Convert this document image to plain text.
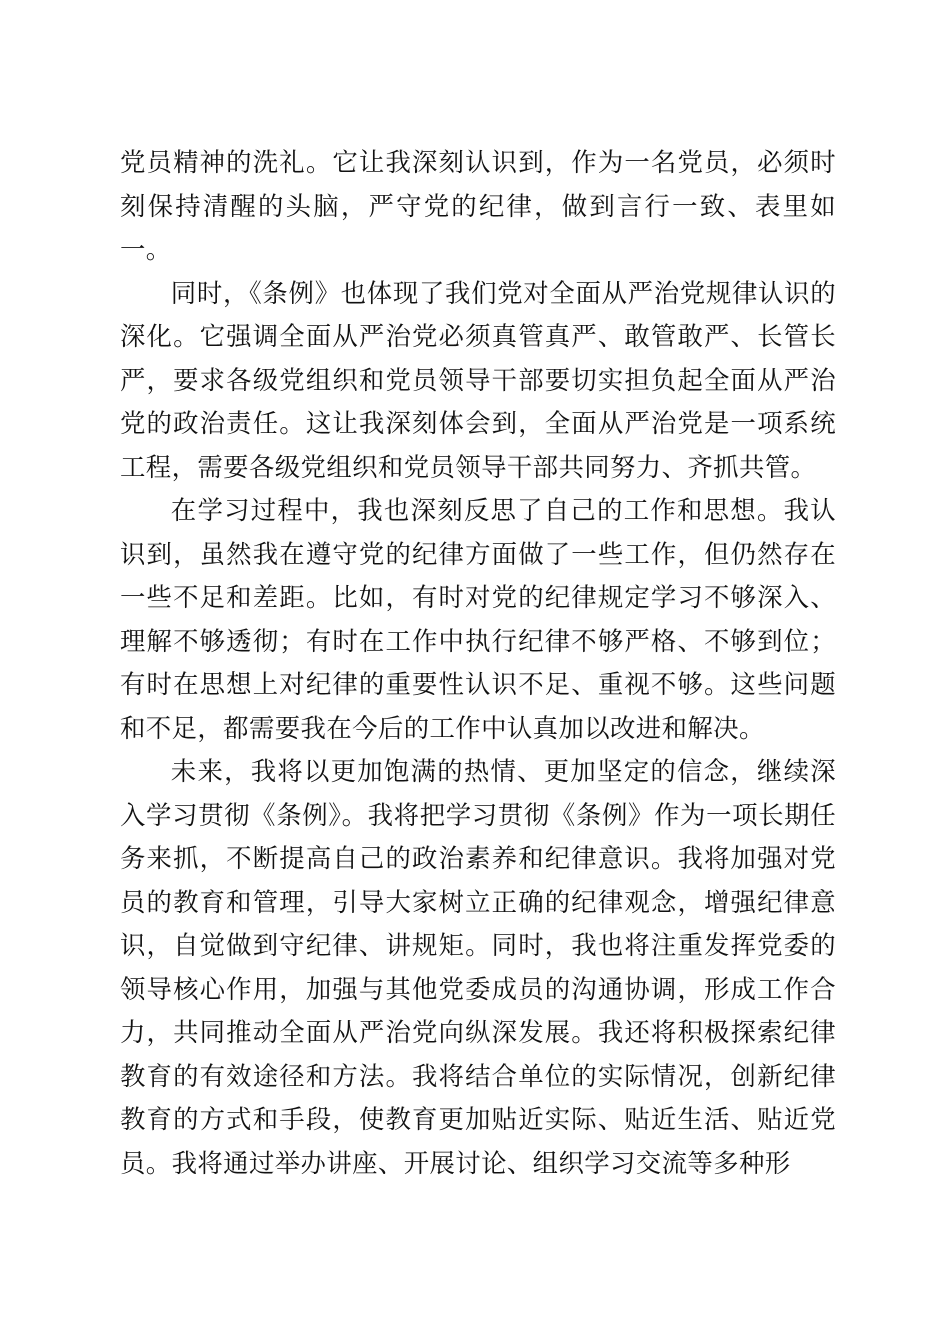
党员精神的洗礼。它让我深刻认识到，作为一名党员，必须时刻保持清醒的头脑，严守党的纪律，做到言行一致、表里如一。

同时，《条例》也体现了我们党对全面从严治党规律认识的深化。它强调全面从严治党必须真管真严、敢管敢严、长管长严，要求各级党组织和党员领导干部要切实担负起全面从严治党的政治责任。这让我深刻体会到，全面从严治党是一项系统工程，需要各级党组织和党员领导干部共同努力、齐抓共管。

在学习过程中，我也深刻反思了自己的工作和思想。我认识到，虽然我在遵守党的纪律方面做了一些工作，但仍然存在一些不足和差距。比如，有时对党的纪律规定学习不够深入、理解不够透彻；有时在工作中执行纪律不够严格、不够到位；有时在思想上对纪律的重要性认识不足、重视不够。这些问题和不足，都需要我在今后的工作中认真加以改进和解决。

未来，我将以更加饱满的热情、更加坚定的信念，继续深入学习贯彻《条例》。我将把学习贯彻《条例》作为一项长期任务来抓，不断提高自己的政治素养和纪律意识。我将加强对党员的教育和管理，引导大家树立正确的纪律观念，增强纪律意识，自觉做到守纪律、讲规矩。同时，我也将注重发挥党委的领导核心作用，加强与其他党委成员的沟通协调，形成工作合力，共同推动全面从严治党向纵深发展。我还将积极探索纪律教育的有效途径和方法。我将结合单位的实际情况，创新纪律教育的方式和手段，使教育更加贴近实际、贴近生活、贴近党员。我将通过举办讲座、开展讨论、组织学习交流等多种形
